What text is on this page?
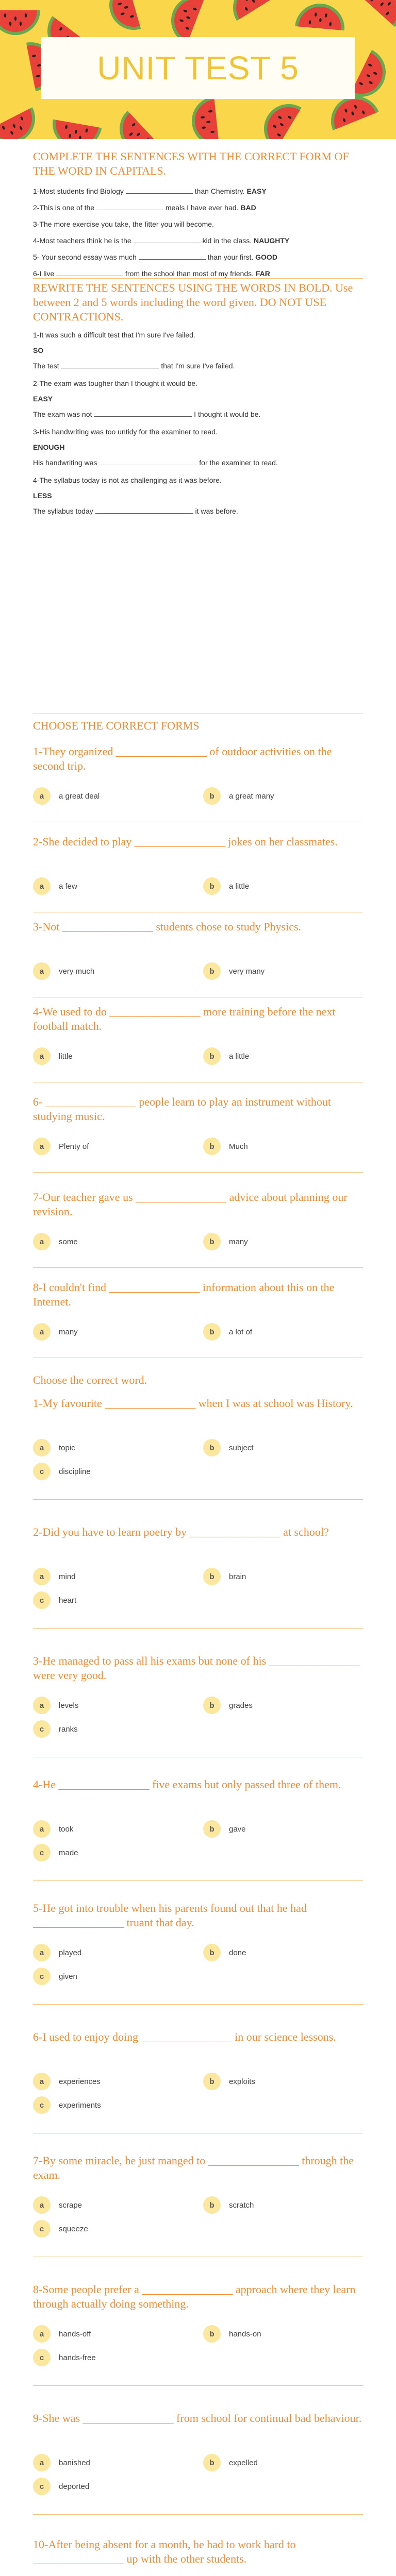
UNIT TEST 5

COMPLETE THE SENTENCES WITH THE CORRECT FORM OF THE WORD IN CAPITALS.

1-Most students find Biology	than Chemistry. EASY
2-This is one of the	meals I have ever had. BAD
3-The more exercise you take, the fitter you will become.
4-Most teachers think he is the	kid in the class. NAUGHTY
5- Your second essay was much	than your first. GOOD
6-I live	from the school than most of my friends. FAR

REWRITE THE SENTENCES USING THE WORDS IN BOLD. Use between 2 and 5 words including the word given. DO NOT USE CONTRACTIONS.

1-It was such a difficult test that I'm sure I've failed.
SO
The test	that I'm sure I've failed.
2-The exam was tougher than I thought it would be.
EASY
The exam was not	I thought it would be.
3-His handwriting was too untidy for the examiner to read.
ENOUGH
His handwriting was	for the examiner to read.
4-The syllabus today is not as challenging as it was before.
LESS
The syllabus today	it was before.

CHOOSE THE CORRECT FORMS

1-They organized ________________ of outdoor activities on the second trip.
a	a great deal	b	a great many
2-She decided to play ________________ jokes on her classmates.
a	a few	b	a little
3-Not ________________ students chose to study Physics.
a	very much	b	very many
4-We used to do ________________ more training before the next football match.
a	little	b	a little
6- ________________ people learn to play an instrument without studying music.
a	Plenty of	b	Much
7-Our teacher gave us ________________ advice about planning our revision.
a	some	b	many
8-I couldn't find ________________ information about this on the Internet.
a	many	b	a lot of

Choose the correct word.

1-My favourite ________________ when I was at school was History.
a	topic	b	subject
c	discipline
2-Did you have to learn poetry by ________________ at school?
a	mind	b	brain
c	heart
3-He managed to pass all his exams but none of his ________________ were very good.
a	levels	b	grades
c	ranks
4-He ________________ five exams but only passed three of them.
a	took	b	gave
c	made
5-He got into trouble when his parents found out that he had ________________ truant that day.
a	played	b	done
c	given
6-I used to enjoy doing ________________ in our science lessons.
a	experiences	b	exploits
c	experiments
7-By some miracle, he just manged to ________________ through the exam.
a	scrape	b	scratch
c	squeeze
8-Some people prefer a ________________ approach where they learn through actually doing something.
a	hands-off	b	hands-on
c	hands-free
9-She was ________________ from school for continual bad behaviour.
a	banished	b	expelled
c	deported
10-After being absent for a month, he had to work hard to ________________ up with the other students.
